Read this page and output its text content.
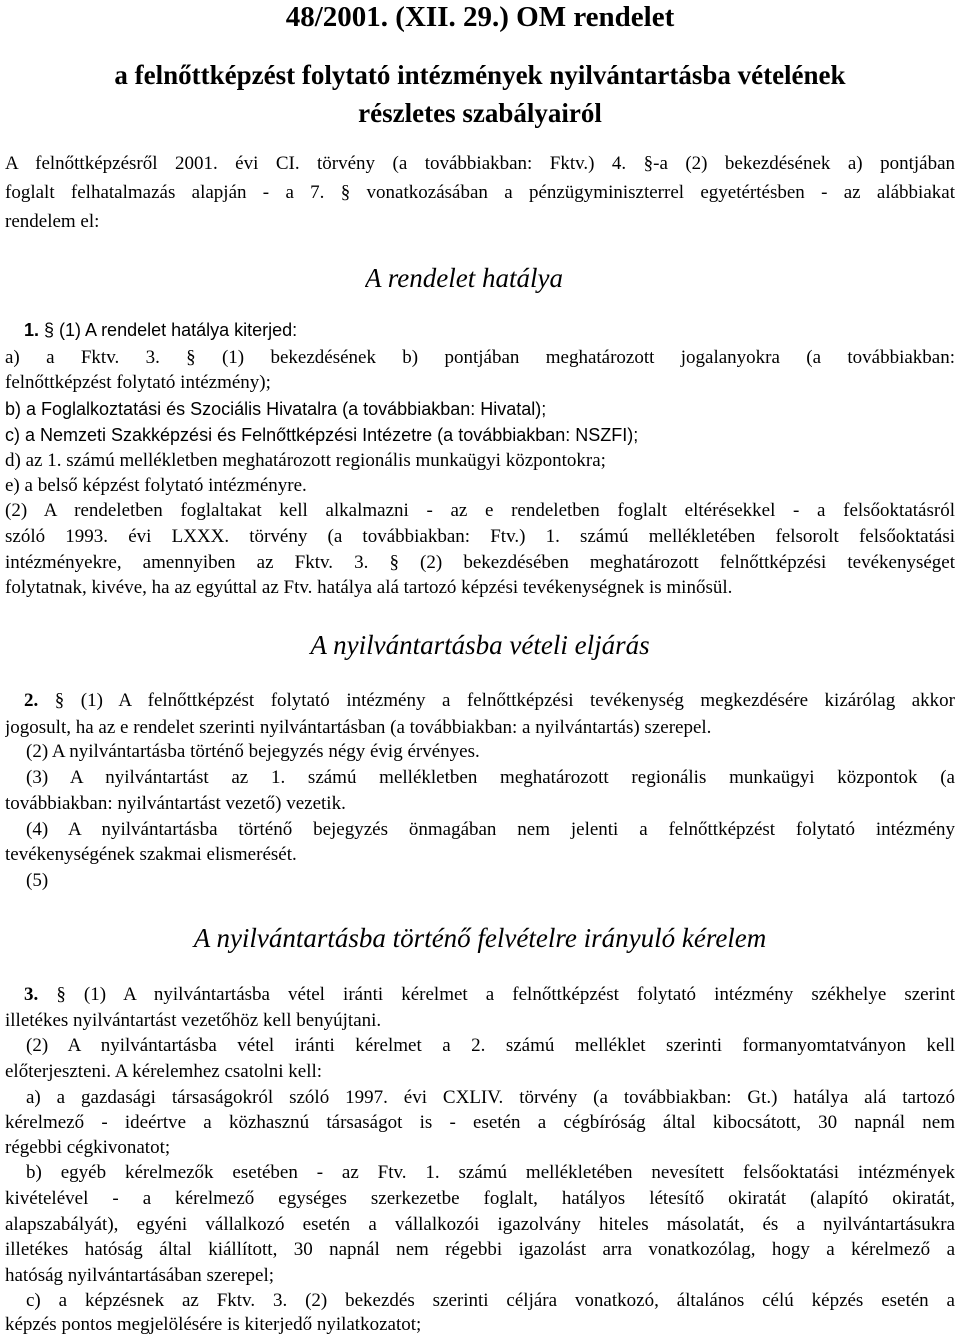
48/2001. (XII. 29.) OM rendelet
a felnőttképzést folytató intézmények nyilvántartásba vételének
részletes szabályairól
A felnőttképzésről 2001. évi CI. törvény (a továbbiakban: Fktv.) 4. §-a (2) bekezdésének a) pontjában
foglalt felhatalmazás alapján - a 7. § vonatkozásában a pénzügyminiszterrel egyetértésben - az alábbiakat
rendelem el:
A rendelet hatálya
1. § (1) A rendelet hatálya kiterjed:
a) a Fktv. 3. § (1) bekezdésének b) pontjában meghatározott jogalanyokra (a továbbiakban:
felnőttképzést folytató intézmény);
b) a Foglalkoztatási és Szociális Hivatalra (a továbbiakban: Hivatal);
c) a Nemzeti Szakképzési és Felnőttképzési Intézetre (a továbbiakban: NSZFI);
d) az 1. számú mellékletben meghatározott regionális munkaügyi központokra;
e) a belső képzést folytató intézményre.
(2) A rendeletben foglaltakat kell alkalmazni - az e rendeletben foglalt eltérésekkel - a felsőoktatásról
szóló 1993. évi LXXX. törvény (a továbbiakban: Ftv.) 1. számú mellékletében felsorolt felsőoktatási
intézményekre, amennyiben az Fktv. 3. § (2) bekezdésében meghatározott felnőttképzési tevékenységet
folytatnak, kivéve, ha az egyúttal az Ftv. hatálya alá tartozó képzési tevékenységnek is minősül.
A nyilvántartásba vételi eljárás
2. § (1) A felnőttképzést folytató intézmény a felnőttképzési tevékenység megkezdésére kizárólag akkor
jogosult, ha az e rendelet szerinti nyilvántartásban (a továbbiakban: a nyilvántartás) szerepel.
(2) A nyilvántartásba történő bejegyzés négy évig érvényes.
(3) A nyilvántartást az 1. számú mellékletben meghatározott regionális munkaügyi központok (a
továbbiakban: nyilvántartást vezető) vezetik.
(4) A nyilvántartásba történő bejegyzés önmagában nem jelenti a felnőttképzést folytató intézmény
tevékenységének szakmai elismerését.
(5)
A nyilvántartásba történő felvételre irányuló kérelem
3. § (1) A nyilvántartásba vétel iránti kérelmet a felnőttképzést folytató intézmény székhelye szerint
illetékes nyilvántartást vezetőhöz kell benyújtani.
(2) A nyilvántartásba vétel iránti kérelmet a 2. számú melléklet szerinti formanyomtatványon kell
előterjeszteni. A kérelemhez csatolni kell:
a) a gazdasági társaságokról szóló 1997. évi CXLIV. törvény (a továbbiakban: Gt.) hatálya alá tartozó
kérelmező - ideértve a közhasznú társaságot is - esetén a cégbíróság által kibocsátott, 30 napnál nem
régebbi cégkivonatot;
b) egyéb kérelmezők esetében - az Ftv. 1. számú mellékletében nevesített felsőoktatási intézmények
kivételével - a kérelmező egységes szerkezetbe foglalt, hatályos létesítő okiratát (alapító okiratát,
alapszabályát), egyéni vállalkozó esetén a vállalkozói igazolvány hiteles másolatát, és a nyilvántartásukra
illetékes hatóság által kiállított, 30 napnál nem régebbi igazolást arra vonatkozólag, hogy a kérelmező a
hatóság nyilvántartásában szerepel;
c) a képzésnek az Fktv. 3. (2) bekezdés szerinti céljára vonatkozó, általános célú képzés esetén a
képzés pontos megjelölésére is kiterjedő nyilatkozatot;
